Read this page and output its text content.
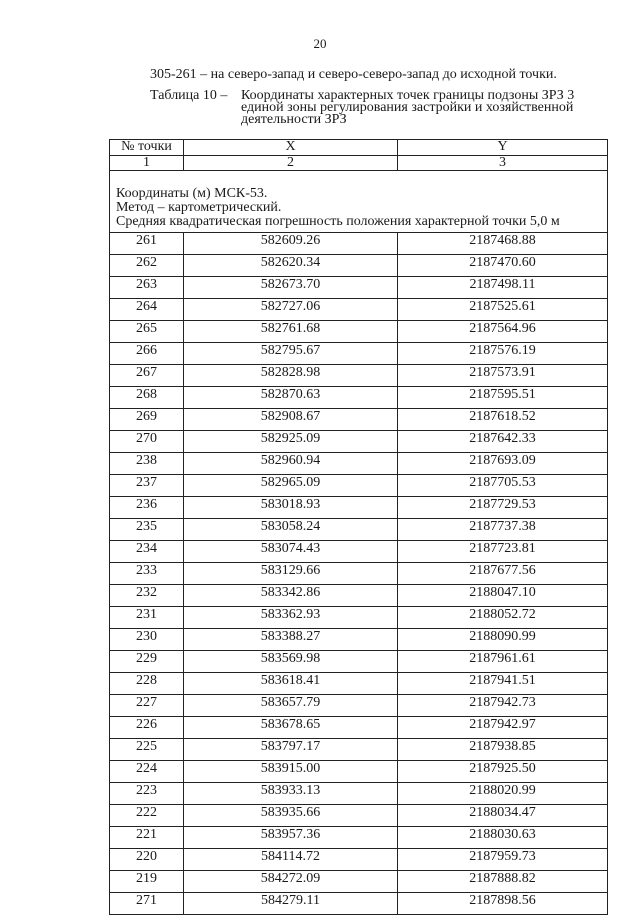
20
305-261 – на северо-запад и северо-северо-запад до исходной точки.
Таблица 10 – Координаты характерных точек границы подзоны ЗРЗ 3 единой зоны регулирования застройки и хозяйственной деятельности ЗРЗ
№ точки	X	Y
1	2	3

Координаты (м) МСК-53.
Метод – картометрический.
Средняя квадратическая погрешность положения характерной точки 5,0 м		

261	582609.26	2187468.88
262	582620.34	2187470.60
263	582673.70	2187498.11
264	582727.06	2187525.61
265	582761.68	2187564.96
266	582795.67	2187576.19
267	582828.98	2187573.91
268	582870.63	2187595.51
269	582908.67	2187618.52
270	582925.09	2187642.33
238	582960.94	2187693.09
237	582965.09	2187705.53
236	583018.93	2187729.53
235	583058.24	2187737.38
234	583074.43	2187723.81
233	583129.66	2187677.56
232	583342.86	2188047.10
231	583362.93	2188052.72
230	583388.27	2188090.99
229	583569.98	2187961.61
228	583618.41	2187941.51
227	583657.79	2187942.73
226	583678.65	2187942.97
225	583797.17	2187938.85
224	583915.00	2187925.50
223	583933.13	2188020.99
222	583935.66	2188034.47
221	583957.36	2188030.63
220	584114.72	2187959.73
219	584272.09	2187888.82
271	584279.11	2187898.56
